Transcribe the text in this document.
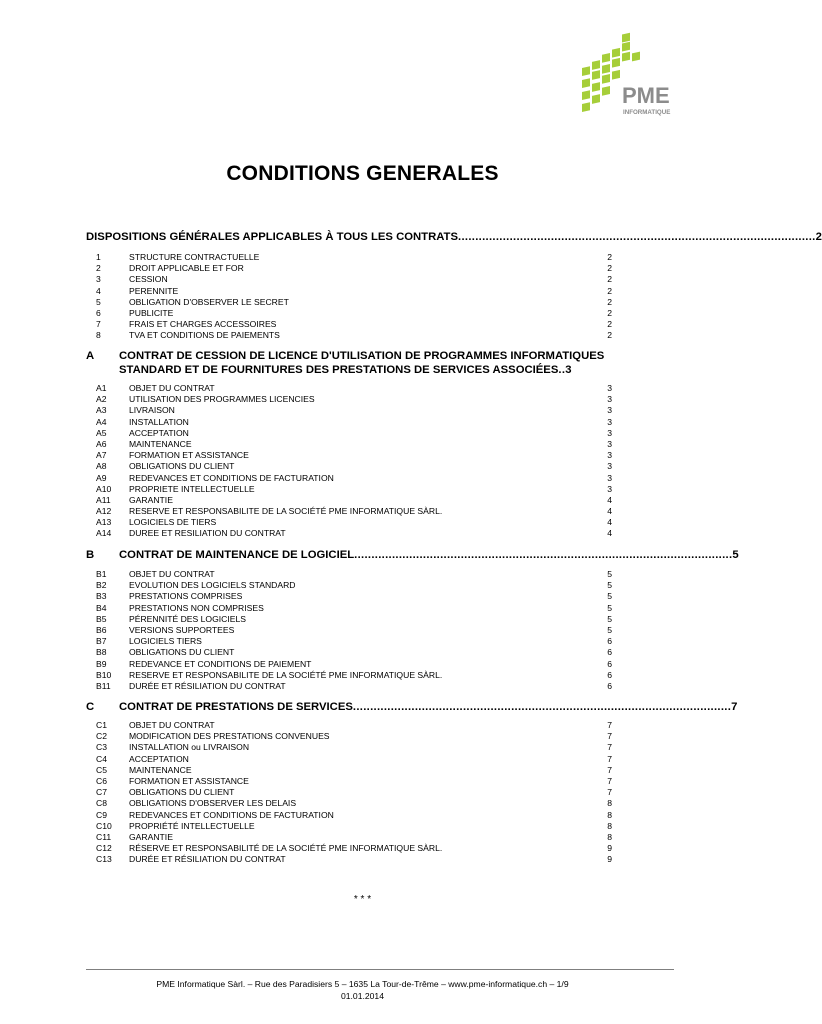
PME
INFORMATIQUE
CONDITIONS GENERALES
DISPOSITIONS GÉNÉRALES APPLICABLES À TOUS LES CONTRATS ........................................................................................................ 2
1	STRUCTURE CONTRACTUELLE	2
2	DROIT APPLICABLE ET FOR	2
3	CESSION	2
4	PERENNITE	2
5	OBLIGATION D'OBSERVER LE SECRET	2
6	PUBLICITE	2
7	FRAIS ET CHARGES ACCESSOIRES	2
8	TVA ET CONDITIONS DE PAIEMENTS	2
A	CONTRAT DE CESSION DE LICENCE D'UTILISATION DE PROGRAMMES INFORMATIQUES
STANDARD ET DE FOURNITURES DES PRESTATIONS DE SERVICES ASSOCIÉES .. 3
A1	OBJET DU CONTRAT	3
A2	UTILISATION DES PROGRAMMES LICENCIES	3
A3	LIVRAISON	3
A4	INSTALLATION	3
A5	ACCEPTATION	3
A6	MAINTENANCE	3
A7	FORMATION ET ASSISTANCE	3
A8	OBLIGATIONS DU CLIENT	3
A9	REDEVANCES ET CONDITIONS DE FACTURATION	3
A10	PROPRIETE INTELLECTUELLE	3
A11	GARANTIE	4
A12	RESERVE ET RESPONSABILITE DE LA SOCIÉTÉ PME INFORMATIQUE SÀRL.	4
A13	LOGICIELS DE TIERS	4
A14	DUREE ET RESILIATION DU CONTRAT	4
B	CONTRAT DE MAINTENANCE DE LOGICIEL .............................................................................................................. 5
B1	OBJET DU CONTRAT	5
B2	EVOLUTION DES LOGICIELS STANDARD	5
B3	PRESTATIONS COMPRISES	5
B4	PRESTATIONS NON COMPRISES	5
B5	PÉRENNITÉ DES LOGICIELS	5
B6	VERSIONS SUPPORTEES	5
B7	LOGICIELS TIERS	6
B8	OBLIGATIONS DU CLIENT	6
B9	REDEVANCE ET CONDITIONS DE PAIEMENT	6
B10	RESERVE ET RESPONSABILITE DE LA SOCIÉTÉ PME INFORMATIQUE SÀRL.	6
B11	DURÉE ET RÉSILIATION DU CONTRAT	6
C	CONTRAT DE PRESTATIONS DE SERVICES .............................................................................................................. 7
C1	OBJET DU CONTRAT	7
C2	MODIFICATION DES PRESTATIONS CONVENUES	7
C3	INSTALLATION ou LIVRAISON	7
C4	ACCEPTATION	7
C5	MAINTENANCE	7
C6	FORMATION ET ASSISTANCE	7
C7	OBLIGATIONS DU CLIENT	7
C8	OBLIGATIONS D'OBSERVER LES DELAIS	8
C9	REDEVANCES ET CONDITIONS DE FACTURATION	8
C10	PROPRIÉTÉ INTELLECTUELLE	8
C11	GARANTIE	8
C12	RÉSERVE ET RESPONSABILITÉ DE LA SOCIÉTÉ PME INFORMATIQUE SÀRL.	9
C13	DURÉE ET RÉSILIATION DU CONTRAT	9
* * *
PME Informatique Sàrl. – Rue des Paradisiers 5 – 1635 La Tour-de-Trême – www.pme-informatique.ch – 1/9
01.01.2014
